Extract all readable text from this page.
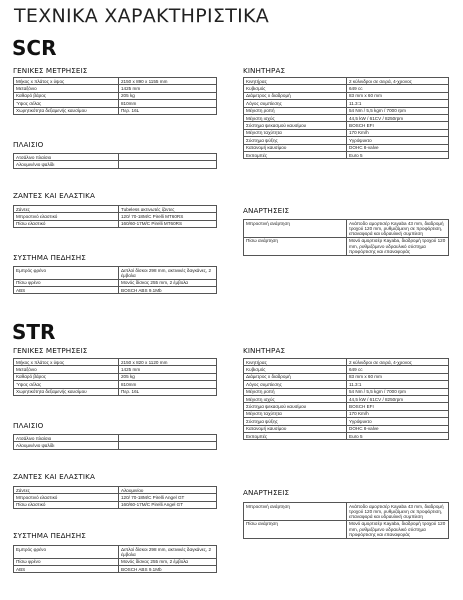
ΤΕΧΝΙΚΑ ΧΑΡΑΚΤΗΡΙΣΤΙΚΑ
SCR
ΓΕΝΙΚΕΣ ΜΕΤΡΗΣΕΙΣ
Μήκος x πλάτος x ύψος	2150 x 890 x 1155 mm
Μεταξόνιο	1425 mm
Καθαρό βάρος	205 kg
Ύψος σέλας	810mm
Χωρητικότητα δεξαμενής καυσίμου	Περ. 16L
ΠΛΑΙΣΙΟ
Ατσάλινο πλαίσιο	
Αλουμινένιο ψαλίδι	
ΖΑΝΤΕΣ ΚΑΙ ΕΛΑΣΤΙΚΑ
Ζάντες	Tubeless ακτινωτές ζάντες
Μπροστινό ελαστικό	120/ 70-18M/C Pirelli MT60RS
Πίσω ελαστικό	160/60-17M/C Pirelli MT60RS
ΣΥΣΤΗΜΑ ΠΕΔΗΣΗΣ
Εμπρός φρένο	Διπλοί δίσκοι 298 mm, ακτινικές δαγκάνες, 2 έμβολα
Πίσω φρένο	Μονός δίσκος 255 mm, 2 έμβολα
ABS	BOSCH ABS 9.1Mb
ΚΙΝΗΤΗΡΑΣ
Κινητήρας	2 κύλινδροι σε σειρά, 4-χρονος
Κυβισμός	649 cc
Διάμετρος x διαδρομή	83 mm x 60 mm
Λόγος συμπίεσης	11.3:1
Μέγιστη ροπή	54 Nm / 5,5 kgm / 7000 rpm
Μέγιστη ισχύς	44,5 kW / 61CV / 8250rpm
Σύστημα ψεκασμού καυσίμου	BOSCH EFI
Μέγιστη ταχύτητα	170 Km/h
Σύστημα ψύξης	Υγρόψυκτο
Κατανομή καυσίμου	DOHC 8-valve
Εκπομπές	Euro 5
ΑΝΑΡΤΗΣΕΙΣ
Μπροστινή ανάρτηση	Ανάποδο αμορτισέρ Kayaba 43 mm, διαδρομή τροχού 120 mm, ρυθμιζόμενη σε προφόρτιση, επαναφορά και υδραυλική συμπίεση
Πίσω ανάρτηση	Μονό αμορτισέρ Kayaba, διαδρομή τροχού 120 mm, ρυθμιζόμενο υδραυλικό σύστημα προφόρτισης και επαναφοράς
STR
ΓΕΝΙΚΕΣ ΜΕΤΡΗΣΕΙΣ
Μήκος x πλάτος x ύψος	2150 x 820 x 1120 mm
Μεταξόνιο	1425 mm
Καθαρό βάρος	205 kg
Ύψος σέλας	810mm
Χωρητικότητα δεξαμενής καυσίμου	Περ. 16L
ΠΛΑΙΣΙΟ
Ατσάλινο πλαίσιο	
Αλουμινένιο ψαλίδι	
ΖΑΝΤΕΣ ΚΑΙ ΕΛΑΣΤΙΚΑ
Ζάντες	Αλουμινίου
Μπροστινό ελαστικό	120/ 70-18M/C Pirelli Angel GT
Πίσω ελαστικό	160/60-17M/C Pirelli Angel GT
ΣΥΣΤΗΜΑ ΠΕΔΗΣΗΣ
Εμπρός φρένο	Διπλοί δίσκοι 298 mm, ακτινικές δαγκάνες, 2 έμβολα
Πίσω φρένο	Μονός δίσκος 255 mm, 2 έμβολα
ABS	BOSCH ABS 9.1Mb
ΚΙΝΗΤΗΡΑΣ
Κινητήρας	2 κύλινδροι σε σειρά, 4-χρονος
Κυβισμός	649 cc
Διάμετρος x διαδρομή	83 mm x 60 mm
Λόγος συμπίεσης	11.3:1
Μέγιστη ροπή	54 Nm / 5,5 kgm / 7000 rpm
Μέγιστη ισχύς	44,5 kW / 61CV / 8250rpm
Σύστημα ψεκασμού καυσίμου	BOSCH EFI
Μέγιστη ταχύτητα	170 Km/h
Σύστημα ψύξης	Υγρόψυκτο
Κατανομή καυσίμου	DOHC 8-valve
Εκπομπές	Euro 5
ΑΝΑΡΤΗΣΕΙΣ
Μπροστινή ανάρτηση	Ανάποδο αμορτισέρ Kayaba 43 mm, διαδρομή τροχού 120 mm, ρυθμιζόμενη σε προφόρτιση, επαναφορά και υδραυλική συμπίεση
Πίσω ανάρτηση	Μονό αμορτισέρ Kayaba, διαδρομή τροχού 120 mm, ρυθμιζόμενο υδραυλικό σύστημα προφόρτισης και επαναφοράς
